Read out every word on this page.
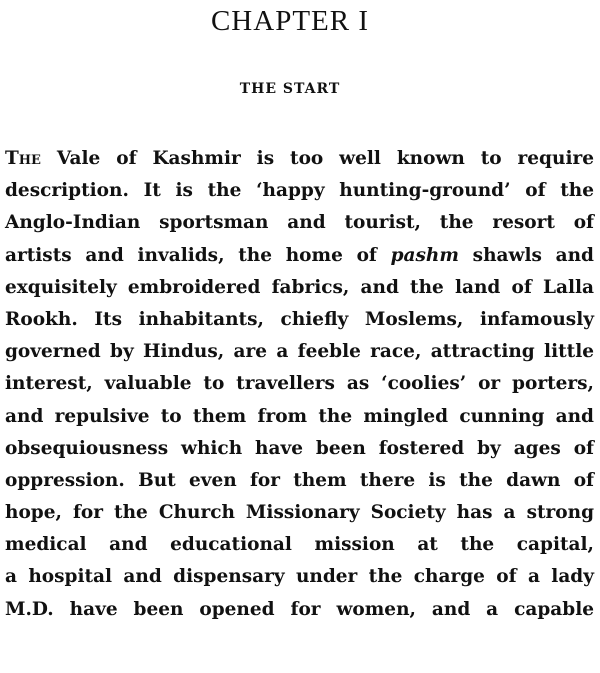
CHAPTER I
THE START
The Vale of Kashmir is too well known to require
description. It is the ‘happy hunting-ground’ of the
Anglo-Indian sportsman and tourist, the resort of
artists and invalids, the home of pashm shawls and
exquisitely embroidered fabrics, and the land of Lalla
Rookh. Its inhabitants, chiefly Moslems, infamously
governed by Hindus, are a feeble race, attracting little
interest, valuable to travellers as ‘coolies’ or porters,
and repulsive to them from the mingled cunning and
obsequiousness which have been fostered by ages of
oppression. But even for them there is the dawn of
hope, for the Church Missionary Society has a strong
medical and educational mission at the capital,
a hospital and dispensary under the charge of a lady
M.D. have been opened for women, and a capable
